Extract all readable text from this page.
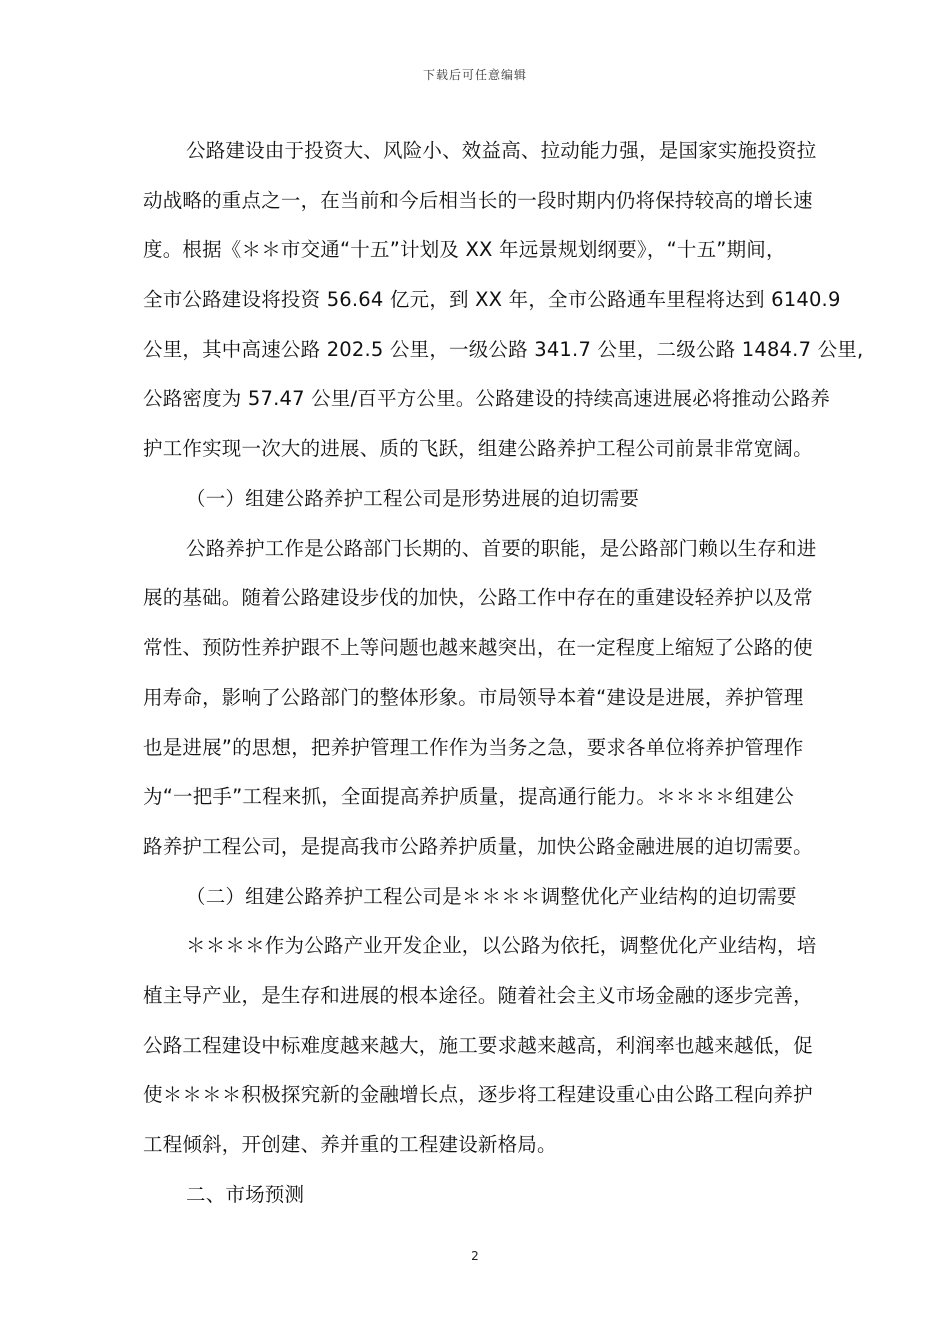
下载后可任意编辑
公路建设由于投资大、风险小、效益高、拉动能力强，是国家实施投资拉
动战略的重点之一，在当前和今后相当长的一段时期内仍将保持较高的增长速
度。根据《＊＊市交通“十五”计划及 XX 年远景规划纲要》，“十五”期间，
全市公路建设将投资 56.64 亿元，到 XX 年，全市公路通车里程将达到 6140.9
公里，其中高速公路 202.5 公里，一级公路 341.7 公里，二级公路 1484.7 公里,
公路密度为 57.47 公里/百平方公里。公路建设的持续高速进展必将推动公路养
护工作实现一次大的进展、质的飞跃，组建公路养护工程公司前景非常宽阔。
（一）组建公路养护工程公司是形势进展的迫切需要
公路养护工作是公路部门长期的、首要的职能，是公路部门赖以生存和进
展的基础。随着公路建设步伐的加快，公路工作中存在的重建设轻养护以及常
常性、预防性养护跟不上等问题也越来越突出，在一定程度上缩短了公路的使
用寿命，影响了公路部门的整体形象。市局领导本着“建设是进展，养护管理
也是进展”的思想，把养护管理工作作为当务之急，要求各单位将养护管理作
为“一把手”工程来抓，全面提高养护质量，提高通行能力。＊＊＊＊组建公
路养护工程公司，是提高我市公路养护质量，加快公路金融进展的迫切需要。
（二）组建公路养护工程公司是＊＊＊＊调整优化产业结构的迫切需要
＊＊＊＊作为公路产业开发企业，以公路为依托，调整优化产业结构，培
植主导产业，是生存和进展的根本途径。随着社会主义市场金融的逐步完善，
公路工程建设中标难度越来越大，施工要求越来越高，利润率也越来越低，促
使＊＊＊＊积极探究新的金融增长点，逐步将工程建设重心由公路工程向养护
工程倾斜，开创建、养并重的工程建设新格局。
二、市场预测
2
